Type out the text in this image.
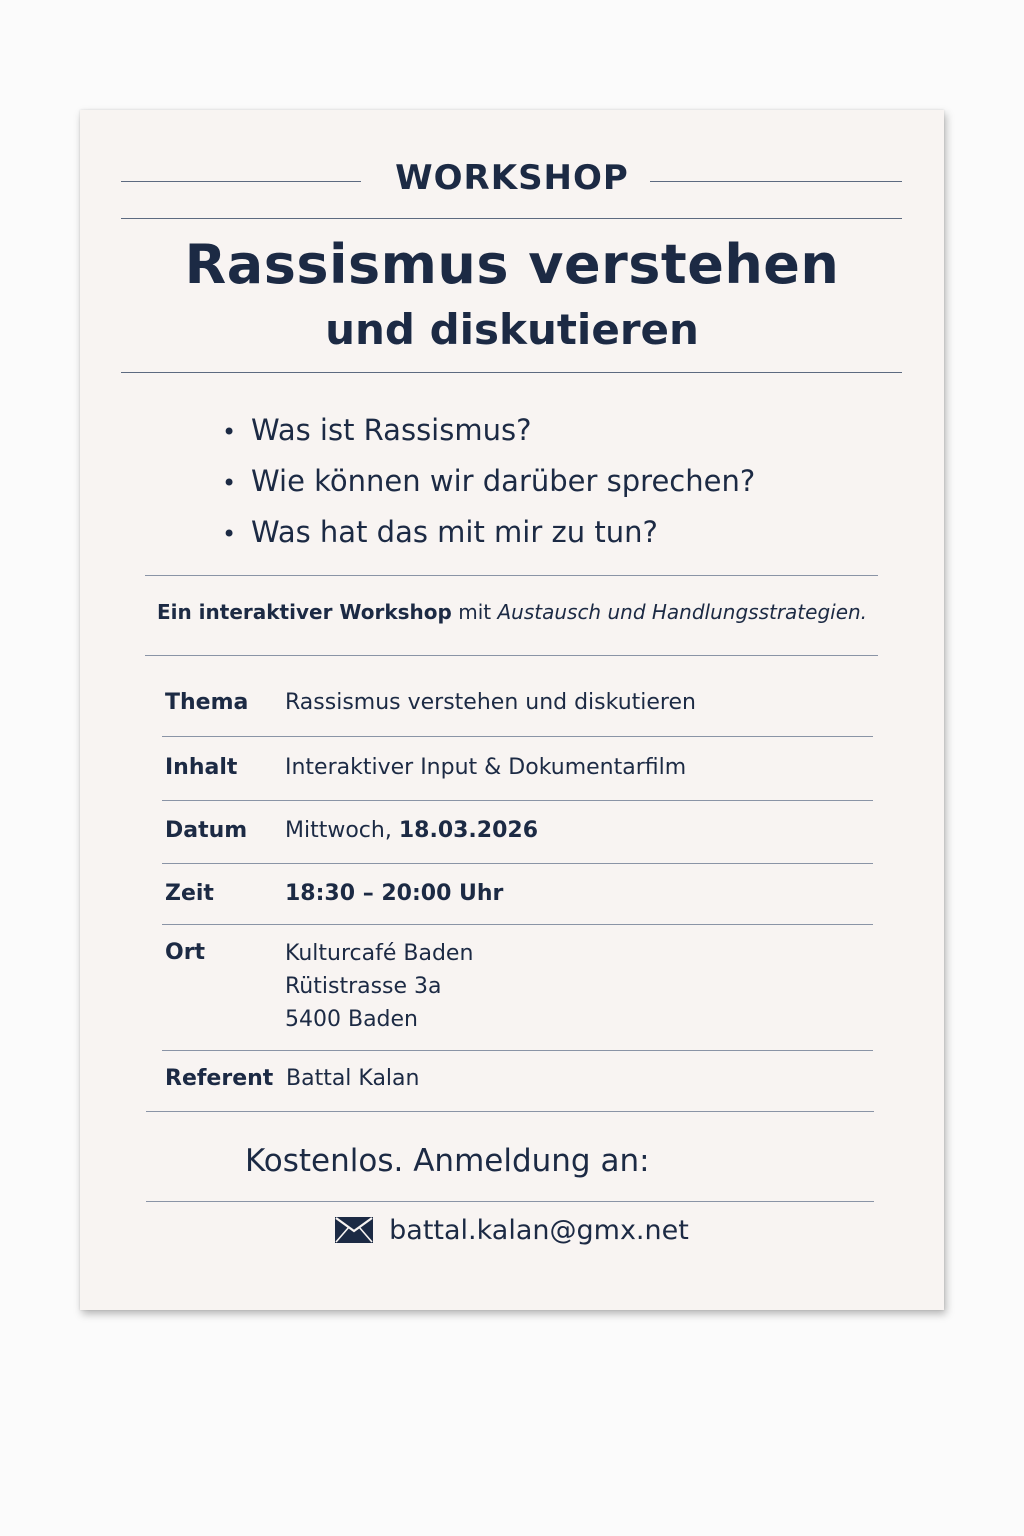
WORKSHOP
Rassismus verstehen
und diskutieren
• Was ist Rassismus?
• Wie können wir darüber sprechen?
• Was hat das mit mir zu tun?
Ein interaktiver Workshop mit Austausch und Handlungsstrategien.
Thema Rassismus verstehen und diskutieren
Inhalt Interaktiver Input & Dokumentarfilm
Datum Mittwoch, 18.03.2026
Zeit	18:30 – 20:00 Uhr
Ort	Kulturcafé Baden
Rütistrasse 3a
5400 Baden
Referent Battal Kalan
Kostenlos. Anmeldung an:
battal.kalan@gmx.net
